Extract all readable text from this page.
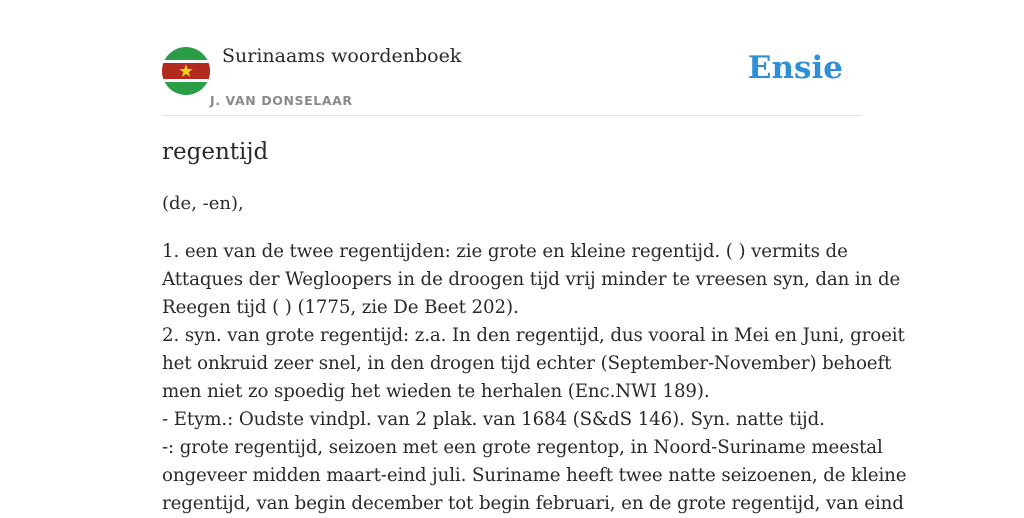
Surinaams woordenboek
J. VAN DONSELAAR
Ensie
regentijd
(de, -en),
1. een van de twee regentijden: zie grote en kleine regentijd. ( ) vermits de
Attaques der Wegloopers in de droogen tijd vrij minder te vreesen syn, dan in de
Reegen tijd ( ) (1775, zie De Beet 202).
2. syn. van grote regentijd: z.a. In den regentijd, dus vooral in Mei en Juni, groeit
het onkruid zeer snel, in den drogen tijd echter (September-November) behoeft
men niet zo spoedig het wieden te herhalen (Enc.NWI 189).
- Etym.: Oudste vindpl. van 2 plak. van 1684 (S&dS 146). Syn. natte tijd.
-: grote regentijd, seizoen met een grote regentop, in Noord-Suriname meestal
ongeveer midden maart-eind juli. Suriname heeft twee natte seizoenen, de kleine
regentijd, van begin december tot begin februari, en de grote regentijd, van eind
